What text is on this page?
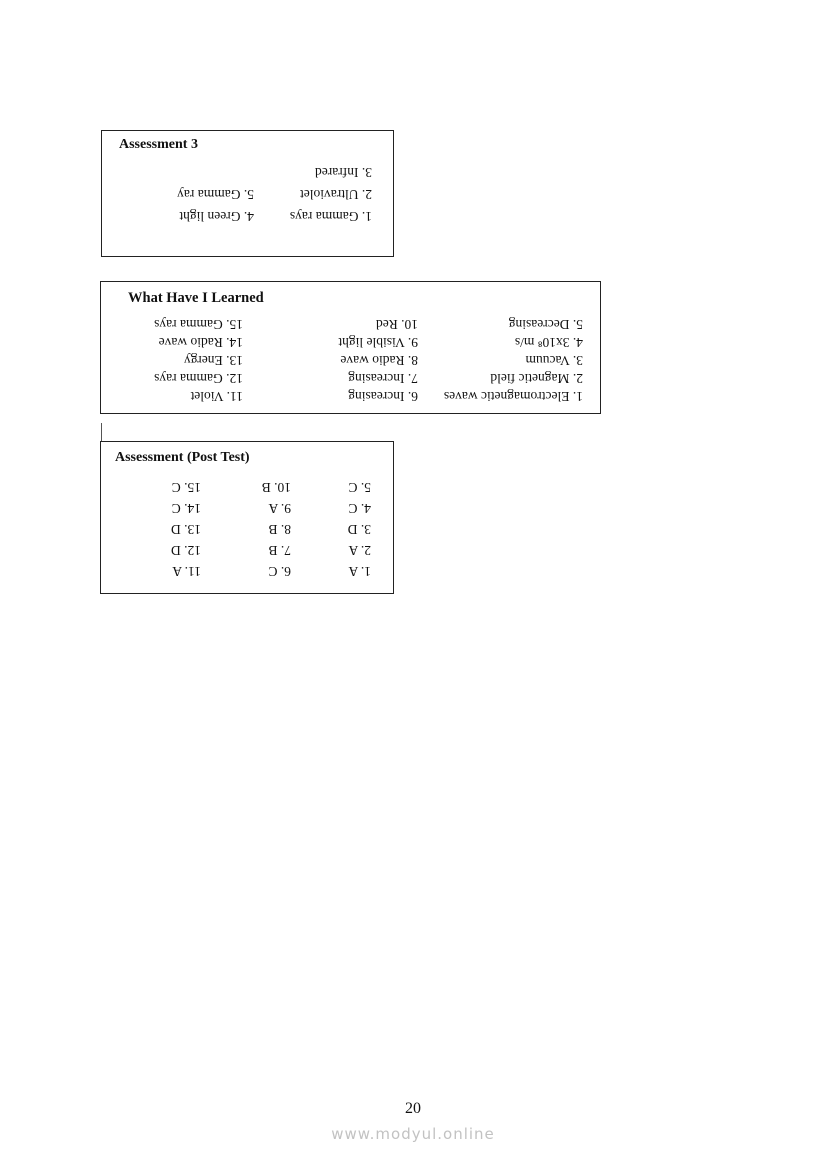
Assessment 3
1. Gamma rays
4. Green light
2. Ultraviolet
5. Gamma ray
3. Infrared
What Have I Learned
1. Electromagnetic waves
6. Increasing
11. Violet
2. Magnetic field
7. Increasing
12. Gamma rays
3. Vacuum
8. Radio wave
13. Energy
4. 3x10⁸ m/s
9. Visible light
14. Radio wave
5. Decreasing
10. Red
15. Gamma rays
Assessment (Post Test)
1. A
6. C
11. A
2. A
7. B
12. D
3. D
8. B
13. D
4. C
9. A
14. C
5. C
10. B
15. C
20
www.modyul.online
